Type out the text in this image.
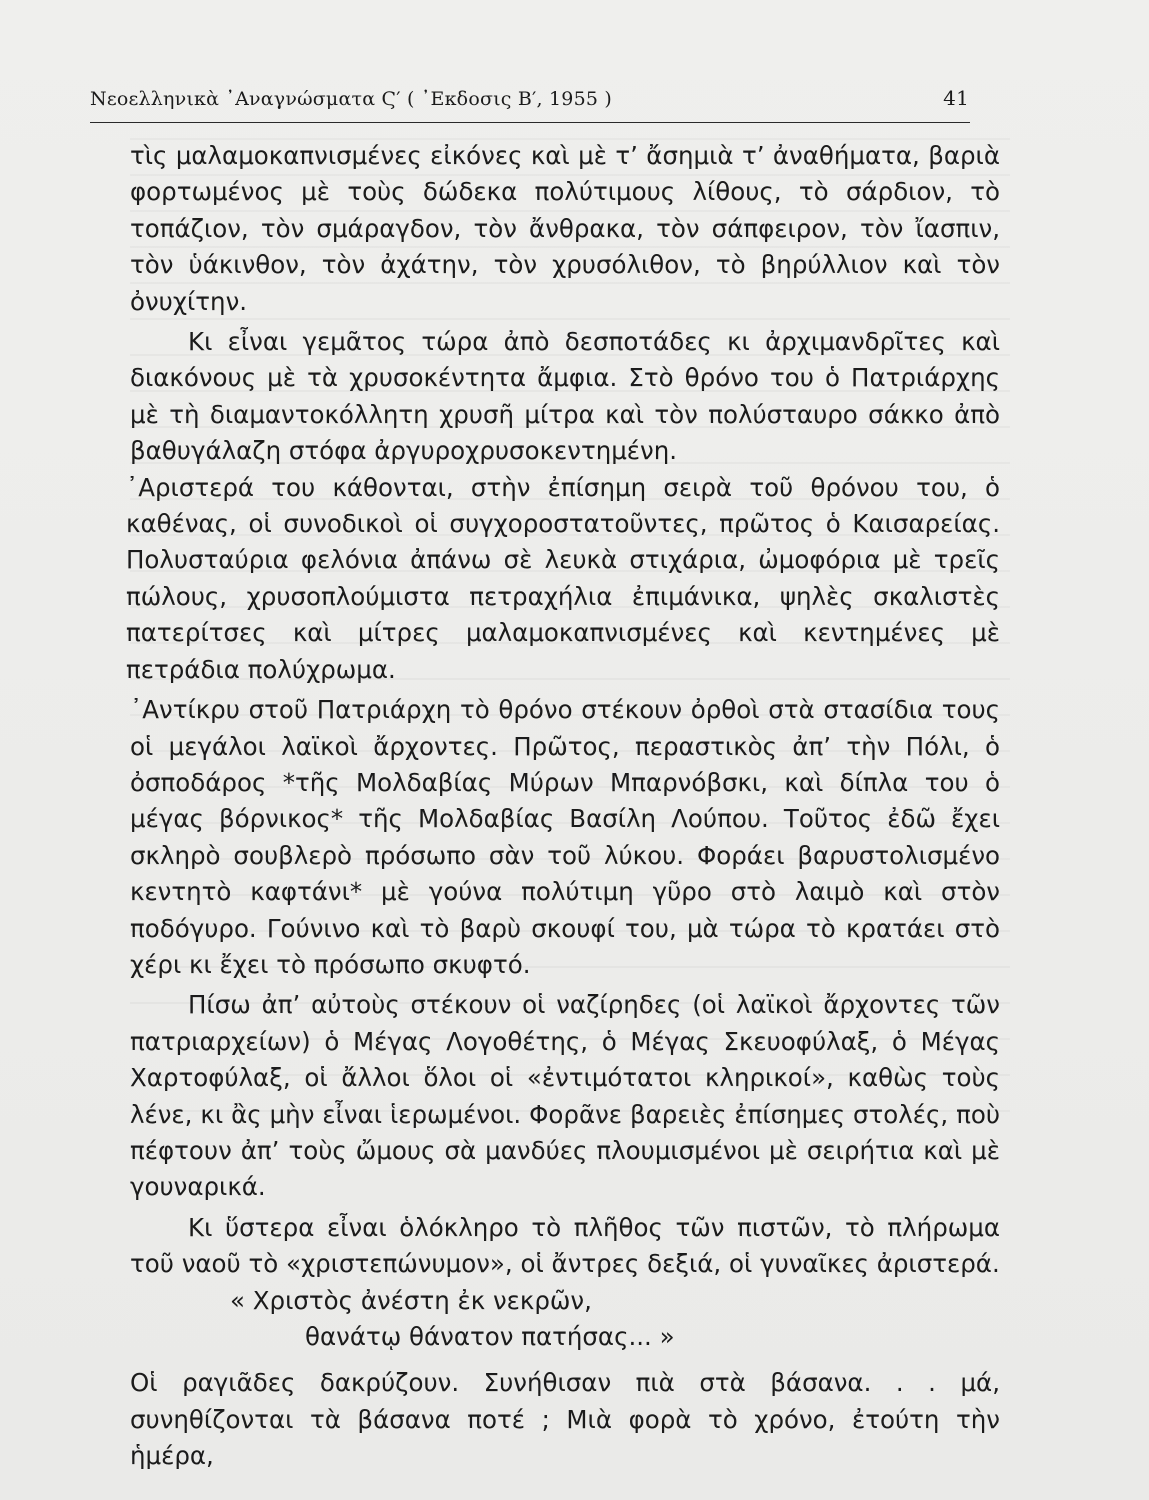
Νεοελληνικὰ ᾿Αναγνώσματα Ϛ′ ( ᾿Εκδοσις Β′, 1955 )	41

τὶς μαλαμοκαπνισμένες εἰκόνες καὶ μὲ τ’ ἄσημιὰ τ’ ἀναθήματα, βαριὰ φορτωμένος μὲ τοὺς δώδεκα πολύτιμους λίθους, τὸ σάρδιον, τὸ τοπάζιον, τὸν σμάραγδον, τὸν ἄνθρακα, τὸν σάπφειρον, τὸν ἴασπιν, τὸν ὑάκινθον, τὸν ἀχάτην, τὸν χρυσόλιθον, τὸ βηρύλλιον καὶ τὸν ὀνυχίτην.

Κι εἶναι γεμᾶτος τώρα ἀπὸ δεσποτάδες κι ἀρχιμανδρῖτες καὶ διακόνους μὲ τὰ χρυσοκέντητα ἄμφια. Στὸ θρόνο του ὁ Πατριάρχης μὲ τὴ διαμαντοκόλλητη χρυσῆ μίτρα καὶ τὸν πολύσταυρο σάκκο ἀπὸ βαθυγάλαζη στόφα ἀργυροχρυσοκεντημένη.

᾿Αριστερά του κάθονται, στὴν ἐπίσημη σειρὰ τοῦ θρόνου του, ὁ καθένας, οἱ συνοδικοὶ οἱ συγχοροστατοῦντες, πρῶτος ὁ Καισαρείας. Πολυσταύρια φελόνια ἀπάνω σὲ λευκὰ στιχάρια, ὠμοφόρια μὲ τρεῖς πώλους, χρυσοπλούμιστα πετραχήλια ἐπιμάνικα, ψηλὲς σκαλιστὲς πατερίτσες καὶ μίτρες μαλαμοκαπνισμένες καὶ κεντημένες μὲ πετράδια πολύχρωμα.

᾿Αντίκρυ στοῦ Πατριάρχη τὸ θρόνο στέκουν ὀρθοὶ στὰ στασίδια τους οἱ μεγάλοι λαϊκοὶ ἄρχοντες. Πρῶτος, περαστικὸς ἀπ’ τὴν Πόλι, ὁ ὀσποδάρος *τῆς Μολδαβίας Μύρων Μπαρνόβσκι, καὶ δίπλα του ὁ μέγας βόρνικος* τῆς Μολδαβίας Βασίλη Λούπου. Τοῦτος ἐδῶ ἔχει σκληρὸ σουβλερὸ πρόσωπο σὰν τοῦ λύκου. Φοράει βαρυστολισμένο κεντητὸ καφτάνι* μὲ γούνα πολύτιμη γῦρο στὸ λαιμὸ καὶ στὸν ποδόγυρο. Γούνινο καὶ τὸ βαρὺ σκουφί του, μὰ τώρα τὸ κρατάει στὸ χέρι κι ἔχει τὸ πρόσωπο σκυφτό.

Πίσω ἀπ’ αὐτοὺς στέκουν οἱ ναζίρηδες (οἱ λαϊκοὶ ἄρχοντες τῶν πατριαρχείων) ὁ Μέγας Λογοθέτης, ὁ Μέγας Σκευοφύλαξ, ὁ Μέγας Χαρτοφύλαξ, οἱ ἄλλοι ὅλοι οἱ «ἐντιμότατοι κληρικοί», καθὼς τοὺς λένε, κι ἂς μὴν εἶναι ἱερωμένοι. Φορᾶνε βαρειὲς ἐπίσημες στολές, ποὺ πέφτουν ἀπ’ τοὺς ὤμους σὰ μανδύες πλουμισμένοι μὲ σειρήτια καὶ μὲ γουναρικά.

Κι ὕστερα εἶναι ὁλόκληρο τὸ πλῆθος τῶν πιστῶν, τὸ πλήρωμα τοῦ ναοῦ τὸ «χριστεπώνυμον», οἱ ἄντρες δεξιά, οἱ γυναῖκες ἀριστερά.

« Χριστὸς ἀνέστη ἐκ νεκρῶν,
θανάτῳ θάνατον πατήσας... »

Οἱ ραγιᾶδες δακρύζουν. Συνήθισαν πιὰ στὰ βάσανα. . . μά, συνηθίζονται τὰ βάσανα ποτέ ; Μιὰ φορὰ τὸ χρόνο, ἐτούτη τὴν ἡμέρα,
